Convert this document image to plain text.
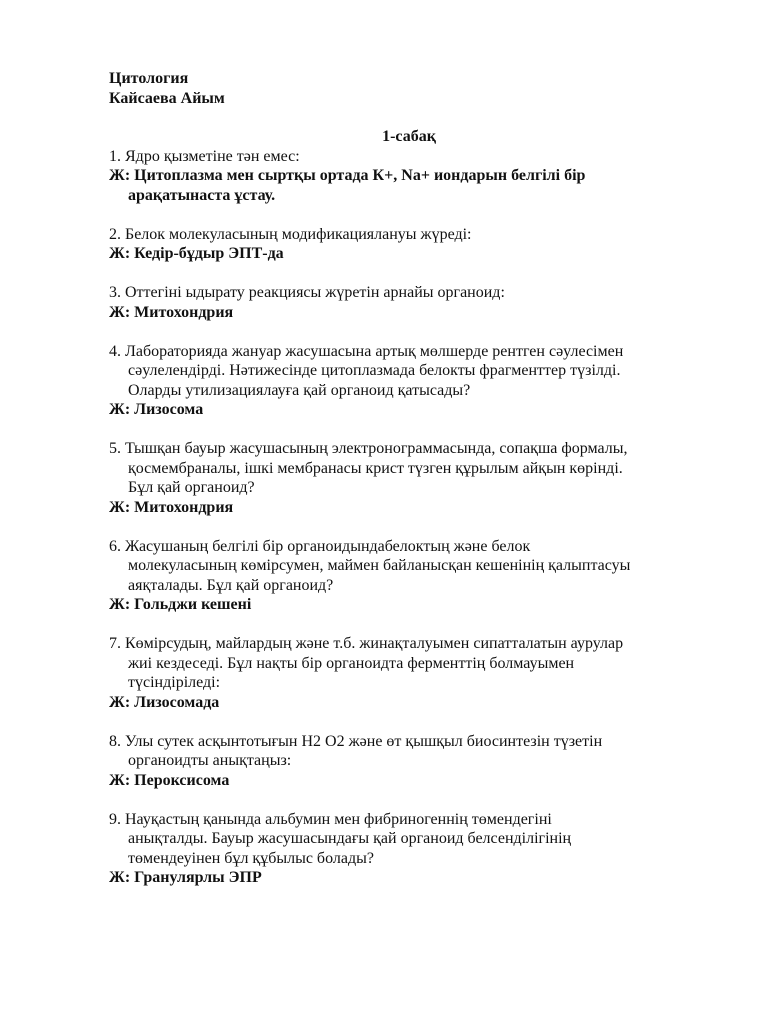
Цитология
Кайсаева Айым
1-сабақ
1. Ядро қызметіне тән емес:
Ж: Цитоплазма мен сыртқы ортада К+, Na+ иондарын белгілі бір
арақатынаста ұстау.
2. Белок молекуласының модификациялануы жүреді:
Ж: Кедір-бұдыр ЭПТ-да
3. Оттегіні ыдырату реакциясы жүретін арнайы органоид:
Ж: Митохондрия
4. Лабораторияда жануар жасушасына артық мөлшерде рентген сәулесімен
сәулелендірді. Нәтижесінде цитоплазмада белокты фрагменттер түзілді.
Оларды утилизациялауға қай органоид қатысады?
Ж: Лизосома
5. Тышқан бауыр жасушасының электронограммасында, сопақша формалы,
қосмембраналы, ішкі мембранасы крист түзген құрылым айқын көрінді.
Бұл қай органоид?
Ж: Митохондрия
6. Жасушаның белгілі бір органоидындабелоктың және белок
молекуласының көмірсумен, маймен байланысқан кешенінің қалыптасуы
аяқталады. Бұл қай органоид?
Ж: Гольджи кешені
7. Көмірсудың, майлардың және т.б. жинақталуымен сипатталатын аурулар
жиі кездеседі. Бұл нақты бір органоидта ферменттің болмауымен
түсіндіріледі:
Ж: Лизосомада
8. Улы сутек асқынтотығын Н2 О2 және өт қышқыл биосинтезін түзетін
органоидты анықтаңыз:
Ж: Пероксисома
9. Науқастың қанында альбумин мен фибриногеннің төмендегіні
анықталды. Бауыр жасушасындағы қай органоид белсенділігінің
төмендеуінен бұл құбылыс болады?
Ж: Гранулярлы ЭПР
